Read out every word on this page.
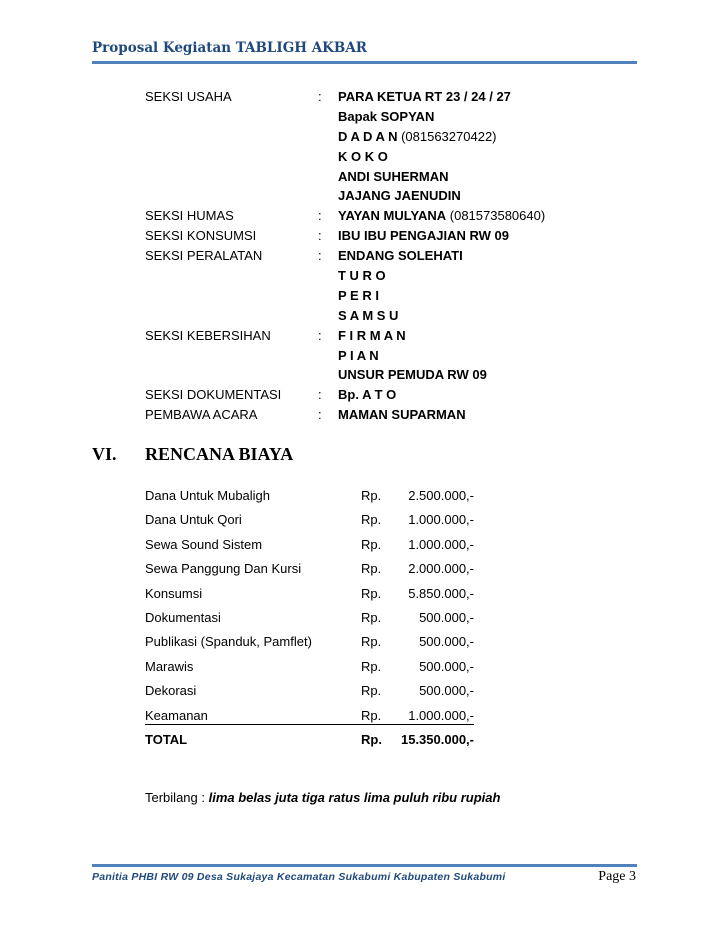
Proposal Kegiatan TABLIGH AKBAR
SEKSI USAHA	:	PARA KETUA RT 23 / 24 / 27
Bapak SOPYAN
D A D A N (081563270422)
K O K O
ANDI SUHERMAN
JAJANG JAENUDIN
SEKSI HUMAS	:	YAYAN MULYANA (081573580640)
SEKSI KONSUMSI	:	IBU IBU PENGAJIAN RW 09
SEKSI PERALATAN	:	ENDANG SOLEHATI
T U R O
P E R I
S A M S U
SEKSI KEBERSIHAN	:	F I R M A N
P I A N
UNSUR PEMUDA RW 09
SEKSI DOKUMENTASI	:	Bp. A T O
PEMBAWA ACARA	:	MAMAN SUPARMAN
VI.	RENCANA BIAYA
Dana Untuk Mubaligh	Rp. 2.500.000,-
Dana Untuk Qori	Rp. 1.000.000,-
Sewa Sound Sistem	Rp. 1.000.000,-
Sewa Panggung Dan Kursi	Rp. 2.000.000,-
Konsumsi	Rp. 5.850.000,-
Dokumentasi	Rp.	500.000,-
Publikasi (Spanduk, Pamflet)	Rp.	500.000,-
Marawis	Rp.	500.000,-
Dekorasi	Rp.	500.000,-
Keamanan	Rp. 1.000.000,-
TOTAL	Rp. 15.350.000,-
Terbilang : lima belas juta tiga ratus lima puluh ribu rupiah
Panitia PHBI RW 09 Desa Sukajaya Kecamatan Sukabumi Kabupaten Sukabumi	Page 3
